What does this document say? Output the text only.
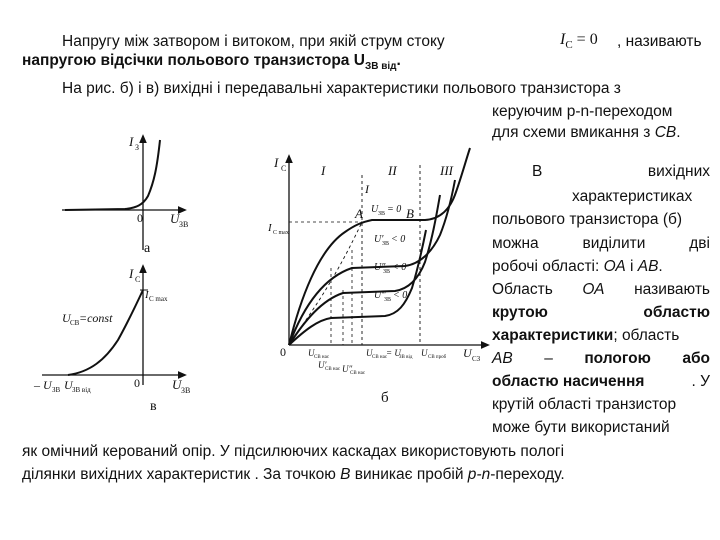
Напругу між затвором і витоком, при якій струм стоку	$I_C = 0$ , називають
напругою відсічки польового транзистора $U_{ЗВ від}$.
На рис. б) і в) вихідні і передавальні характеристики польового транзистора з
керуючим p-n-переходом
для схеми вмикання з СВ.
В	вихідних
характеристиках
польового транзистора (б)
можна	виділити	дві
робочі області: ОА і АВ.
Область ОА називають
крутою	областю
характеристики; область
АВ – пологою або
областю насичення	. У
крутій області транзистор
може бути використаний
як омічний керований опір. У підсилюючих каскадах використовують пологі
ділянки вихідних характеристик . За точкою B виникає пробій p-n-переходу.
I З
0 U ЗВ
а
I С
I С max
U СВ =const
0
– U ЗВ U ЗВ від	U ЗВ
в
I С	I	II	III
I
A	B
I С max
0
U ЗВ = 0
U′
ЗВ < 0
U″
ЗВ < 0
U‴
ЗВ < 0
U СВ нас
U′
СВ нас U″
СВ нас
U СВ нас
= U
ЗВ від U СВ проб U СЗ
б
